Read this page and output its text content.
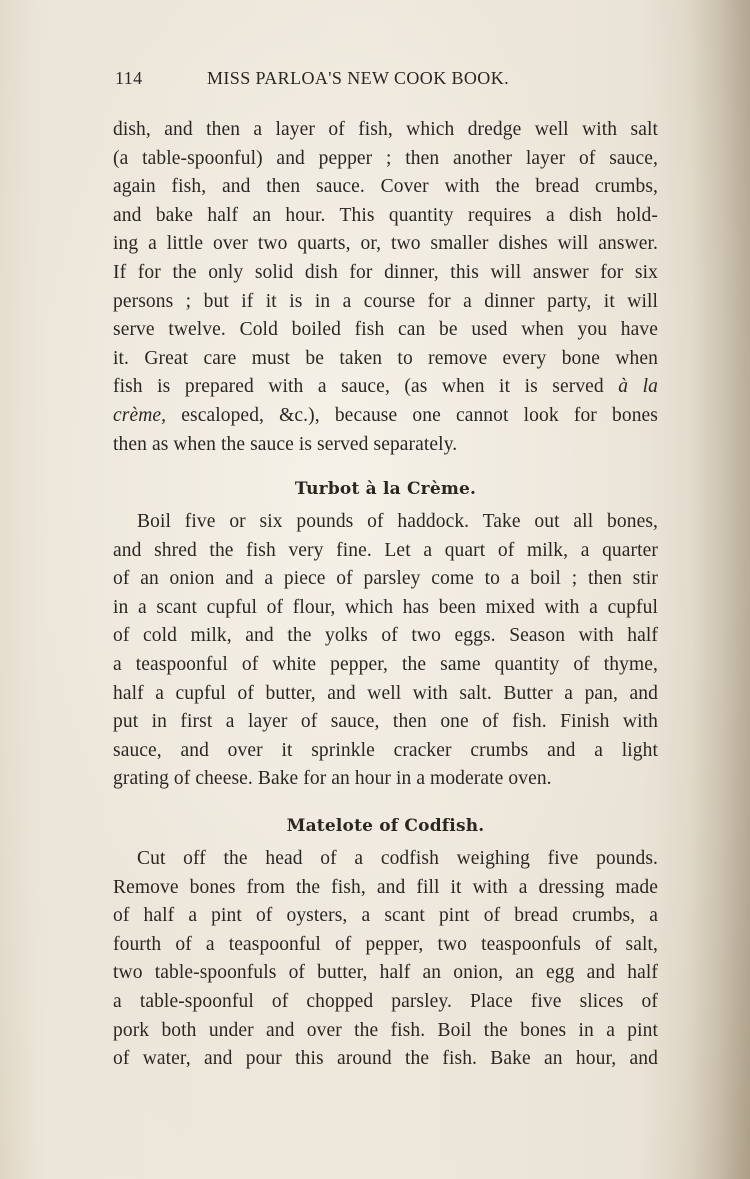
114	MISS PARLOA'S NEW COOK BOOK.
dish, and then a layer of fish, which dredge well with salt
(a table-spoonful) and pepper ; then another layer of sauce,
again fish, and then sauce. Cover with the bread crumbs,
and bake half an hour. This quantity requires a dish hold-
ing a little over two quarts, or, two smaller dishes will answer.
If for the only solid dish for dinner, this will answer for six
persons ; but if it is in a course for a dinner party, it will
serve twelve. Cold boiled fish can be used when you have
it. Great care must be taken to remove every bone when
fish is prepared with a sauce, (as when it is served à la
crème, escaloped, &c.), because one cannot look for bones
then as when the sauce is served separately.
Turbot à la Crème.
Boil five or six pounds of haddock. Take out all bones,
and shred the fish very fine. Let a quart of milk, a quarter
of an onion and a piece of parsley come to a boil ; then stir
in a scant cupful of flour, which has been mixed with a cupful
of cold milk, and the yolks of two eggs. Season with half
a teaspoonful of white pepper, the same quantity of thyme,
half a cupful of butter, and well with salt. Butter a pan, and
put in first a layer of sauce, then one of fish. Finish with
sauce, and over it sprinkle cracker crumbs and a light
grating of cheese. Bake for an hour in a moderate oven.
Matelote of Codfish.
Cut off the head of a codfish weighing five pounds.
Remove bones from the fish, and fill it with a dressing made
of half a pint of oysters, a scant pint of bread crumbs, a
fourth of a teaspoonful of pepper, two teaspoonfuls of salt,
two table-spoonfuls of butter, half an onion, an egg and half
a table-spoonful of chopped parsley. Place five slices of
pork both under and over the fish. Boil the bones in a pint
of water, and pour this around the fish. Bake an hour, and
